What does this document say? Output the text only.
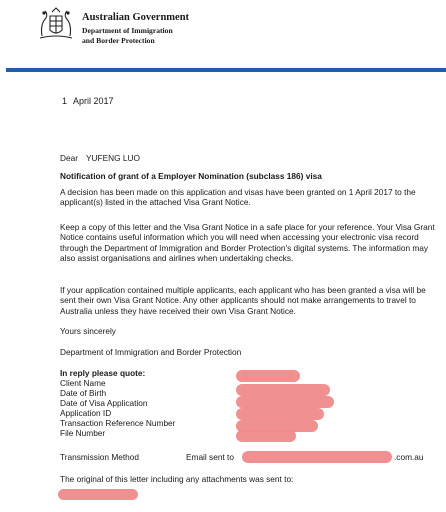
Australian Government
Department of Immigration
and Border Protection
1 April 2017
Dear YUFENG LUO
Notification of grant of a Employer Nomination (subclass 186) visa
A decision has been made on this application and visas have been granted on 1 April 2017 to the applicant(s) listed in the attached Visa Grant Notice.
Keep a copy of this letter and the Visa Grant Notice in a safe place for your reference. Your Visa Grant Notice contains useful information which you will need when accessing your electronic visa record through the Department of Immigration and Border Protection's digital systems. The information may also assist organisations and airlines when undertaking checks.
If your application contained multiple applicants, each applicant who has been granted a visa will be sent their own Visa Grant Notice. Any other applicants should not make arrangements to travel to Australia unless they have received their own Visa Grant Notice.
Yours sincerely
Department of Immigration and Border Protection
In reply please quote:
Client Name
Date of Birth
Date of Visa Application
Application ID
Transaction Reference Number
File Number
Transmission Method	Email sent to	.com.au
The original of this letter including any attachments was sent to:
